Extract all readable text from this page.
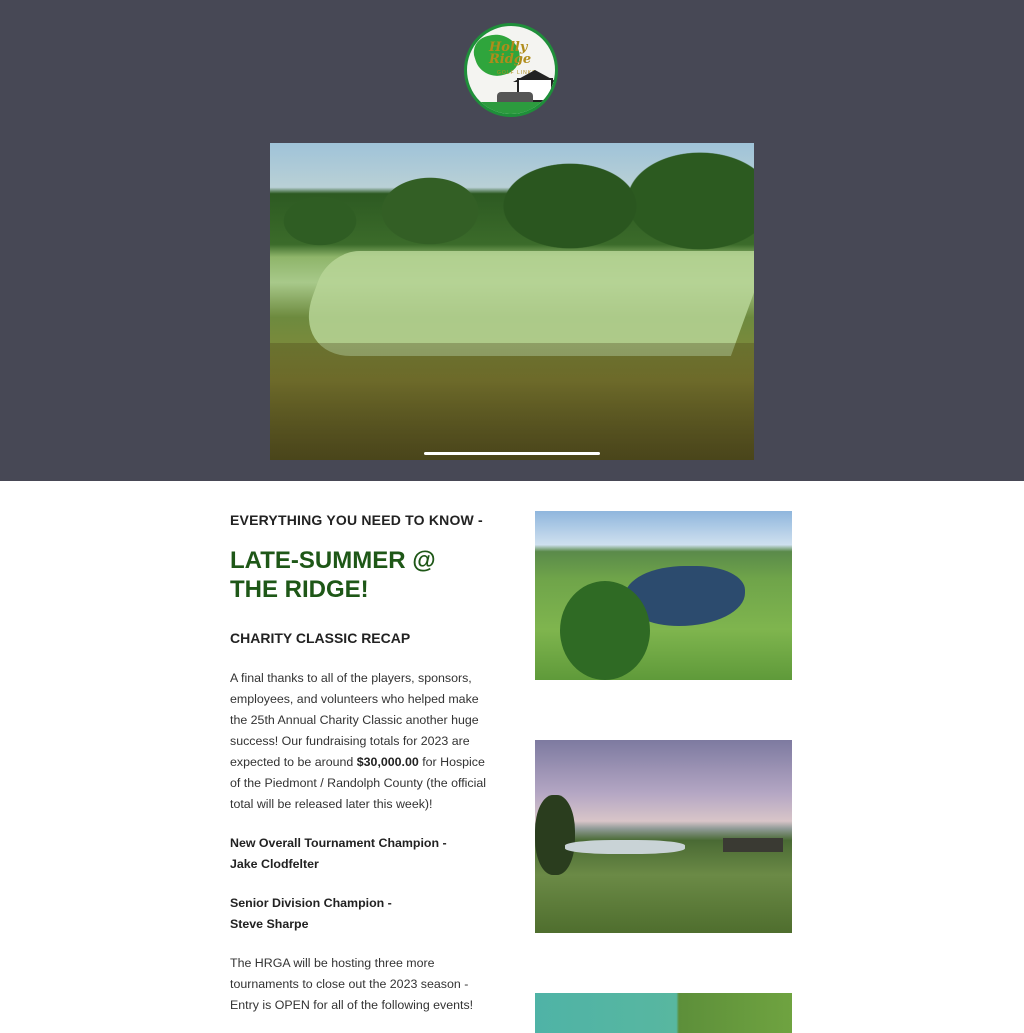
Holly Ridge
GOLF LINKS
EVERYTHING YOU NEED TO KNOW -
LATE-SUMMER @
THE RIDGE!
CHARITY CLASSIC RECAP
A final thanks to all of the players, sponsors, employees, and volunteers who helped make the 25th Annual Charity Classic another huge success! Our fundraising totals for 2023 are expected to be around $30,000.00 for Hospice of the Piedmont / Randolph County (the official total will be released later this week)!
New Overall Tournament Champion -
Jake Clodfelter
Senior Division Champion -
Steve Sharpe
The HRGA will be hosting three more tournaments to close out the 2023 season - Entry is OPEN for all of the following events!
